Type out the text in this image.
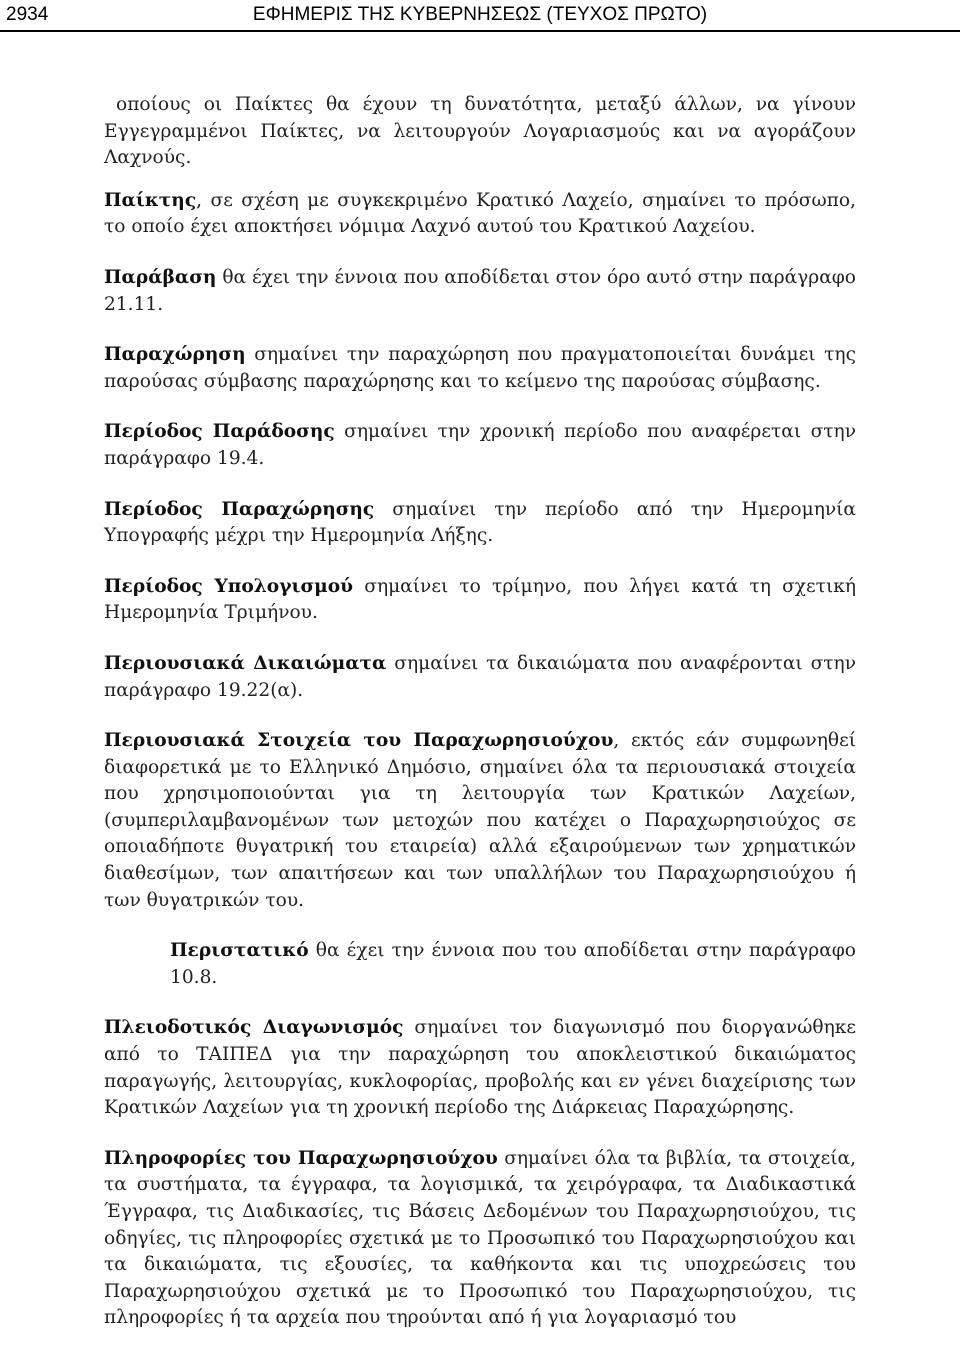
2934	ΕΦΗΜΕΡΙΣ ΤΗΣ ΚΥΒΕΡΝΗΣΕΩΣ (ΤΕΥΧΟΣ ΠΡΩΤΟ)

οποίους οι Παίκτες θα έχουν τη δυνατότητα, μεταξύ άλλων, να γίνουν Εγγεγραμμένοι Παίκτες, να λειτουργούν Λογαριασμούς και να αγοράζουν Λαχνούς.

Παίκτης, σε σχέση με συγκεκριμένο Κρατικό Λαχείο, σημαίνει το πρόσωπο, το οποίο έχει αποκτήσει νόμιμα Λαχνό αυτού του Κρατικού Λαχείου.

Παράβαση θα έχει την έννοια που αποδίδεται στον όρο αυτό στην παράγραφο 21.11.

Παραχώρηση σημαίνει την παραχώρηση που πραγματοποιείται δυνάμει της παρούσας σύμβασης παραχώρησης και το κείμενο της παρούσας σύμβασης.

Περίοδος Παράδοσης σημαίνει την χρονική περίοδο που αναφέρεται στην παράγραφο 19.4.

Περίοδος Παραχώρησης σημαίνει την περίοδο από την Ημερομηνία Υπογραφής μέχρι την Ημερομηνία Λήξης.

Περίοδος Υπολογισμού σημαίνει το τρίμηνο, που λήγει κατά τη σχετική Ημερομηνία Τριμήνου.

Περιουσιακά Δικαιώματα σημαίνει τα δικαιώματα που αναφέρονται στην παράγραφο 19.22(α).

Περιουσιακά Στοιχεία του Παραχωρησιούχου, εκτός εάν συμφωνηθεί διαφορετικά με το Ελληνικό Δημόσιο, σημαίνει όλα τα περιουσιακά στοιχεία που χρησιμοποιούνται για τη λειτουργία των Κρατικών Λαχείων, (συμπεριλαμβανομένων των μετοχών που κατέχει ο Παραχωρησιούχος σε οποιαδήποτε θυγατρική του εταιρεία) αλλά εξαιρούμενων των χρηματικών διαθεσίμων, των απαιτήσεων και των υπαλλήλων του Παραχωρησιούχου ή των θυγατρικών του.

Περιστατικό θα έχει την έννοια που του αποδίδεται στην παράγραφο 10.8.

Πλειοδοτικός Διαγωνισμός σημαίνει τον διαγωνισμό που διοργανώθηκε από το ΤΑΙΠΕΔ για την παραχώρηση του αποκλειστικού δικαιώματος παραγωγής, λειτουργίας, κυκλοφορίας, προβολής και εν γένει διαχείρισης των Κρατικών Λαχείων για τη χρονική περίοδο της Διάρκειας Παραχώρησης.

Πληροφορίες του Παραχωρησιούχου σημαίνει όλα τα βιβλία, τα στοιχεία, τα συστήματα, τα έγγραφα, τα λογισμικά, τα χειρόγραφα, τα Διαδικαστικά Έγγραφα, τις Διαδικασίες, τις Βάσεις Δεδομένων του Παραχωρησιούχου, τις οδηγίες, τις πληροφορίες σχετικά με το Προσωπικό του Παραχωρησιούχου και τα δικαιώματα, τις εξουσίες, τα καθήκοντα και τις υποχρεώσεις του Παραχωρησιούχου σχετικά με το Προσωπικό του Παραχωρησιούχου, τις πληροφορίες ή τα αρχεία που τηρούνται από ή για λογαριασμό του
